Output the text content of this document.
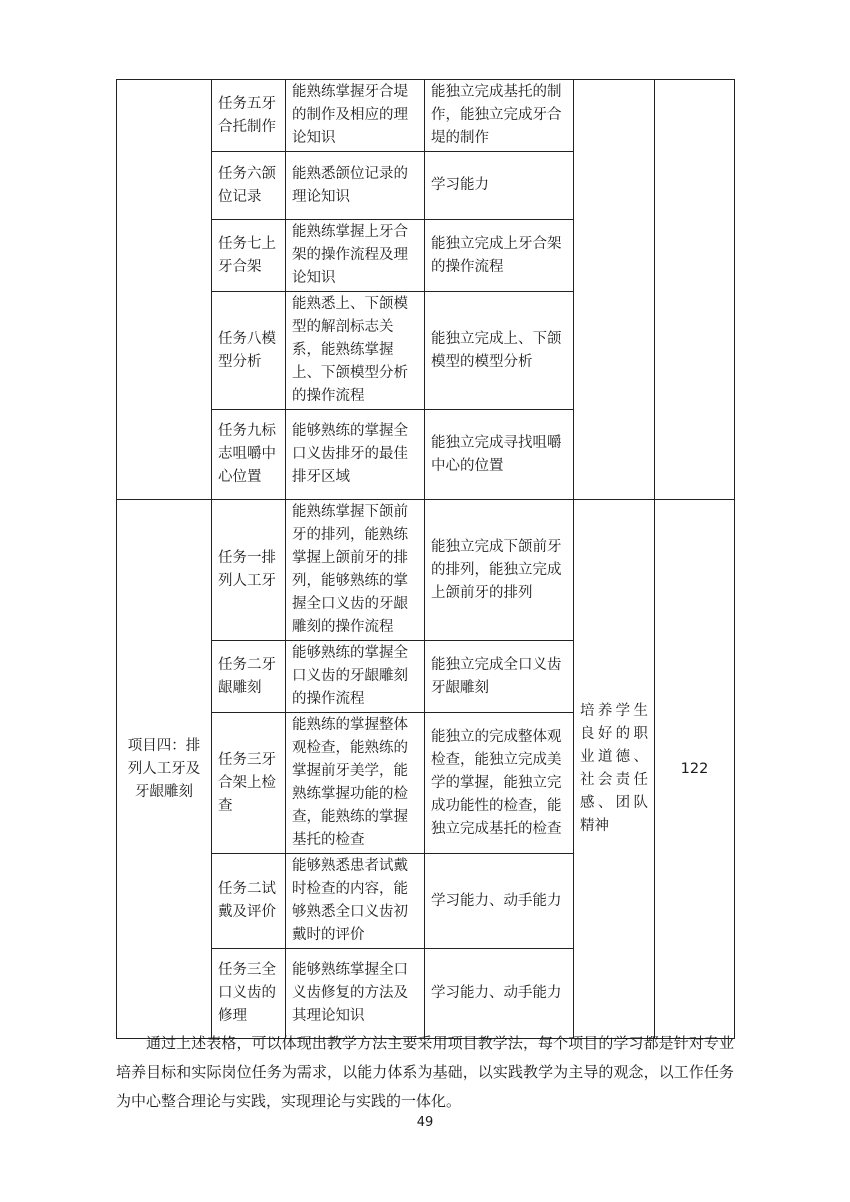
	任务五牙合托制作	能熟练掌握牙合堤的制作及相应的理论知识	能独立完成基托的制作，能独立完成牙合堤的制作		

	任务六颌位记录	能熟悉颌位记录的理论知识	学习能力		

	任务七上牙合架	能熟练掌握上牙合架的操作流程及理论知识	能独立完成上牙合架的操作流程		

	任务八模型分析	能熟悉上、下颌模型的解剖标志关系，能熟练掌握上、下颌模型分析的操作流程	能独立完成上、下颌模型的模型分析		

	任务九标志咀嚼中心位置	能够熟练的掌握全口义齿排牙的最佳排牙区域	能独立完成寻找咀嚼中心的位置		

项目四：排列人工牙及牙龈雕刻	任务一排列人工牙	能熟练掌握下颌前牙的排列，能熟练掌握上颌前牙的排列，能够熟练的掌握全口义齿的牙龈雕刻的操作流程	能独立完成下颌前牙的排列，能独立完成上颌前牙的排列	培养学生良好的职业道德、社会责任感、团队精神	122

	任务二牙龈雕刻	能够熟练的掌握全口义齿的牙龈雕刻的操作流程	能独立完成全口义齿牙龈雕刻		

	任务三牙合架上检查	能熟练的掌握整体观检查，能熟练的掌握前牙美学，能熟练掌握功能的检查，能熟练的掌握基托的检查	能独立的完成整体观检查，能独立完成美学的掌握，能独立完成功能性的检查，能独立完成基托的检查		

	任务二试戴及评价	能够熟悉患者试戴时检查的内容，能够熟悉全口义齿初戴时的评价	学习能力、动手能力		

	任务三全口义齿的修理	能够熟练掌握全口义齿修复的方法及其理论知识	学习能力、动手能力		

通过上述表格，可以体现出教学方法主要采用项目教学法，每个项目的学习都是针对专业培养目标和实际岗位任务为需求，以能力体系为基础，以实践教学为主导的观念，以工作任务为中心整合理论与实践，实现理论与实践的一体化。

49
